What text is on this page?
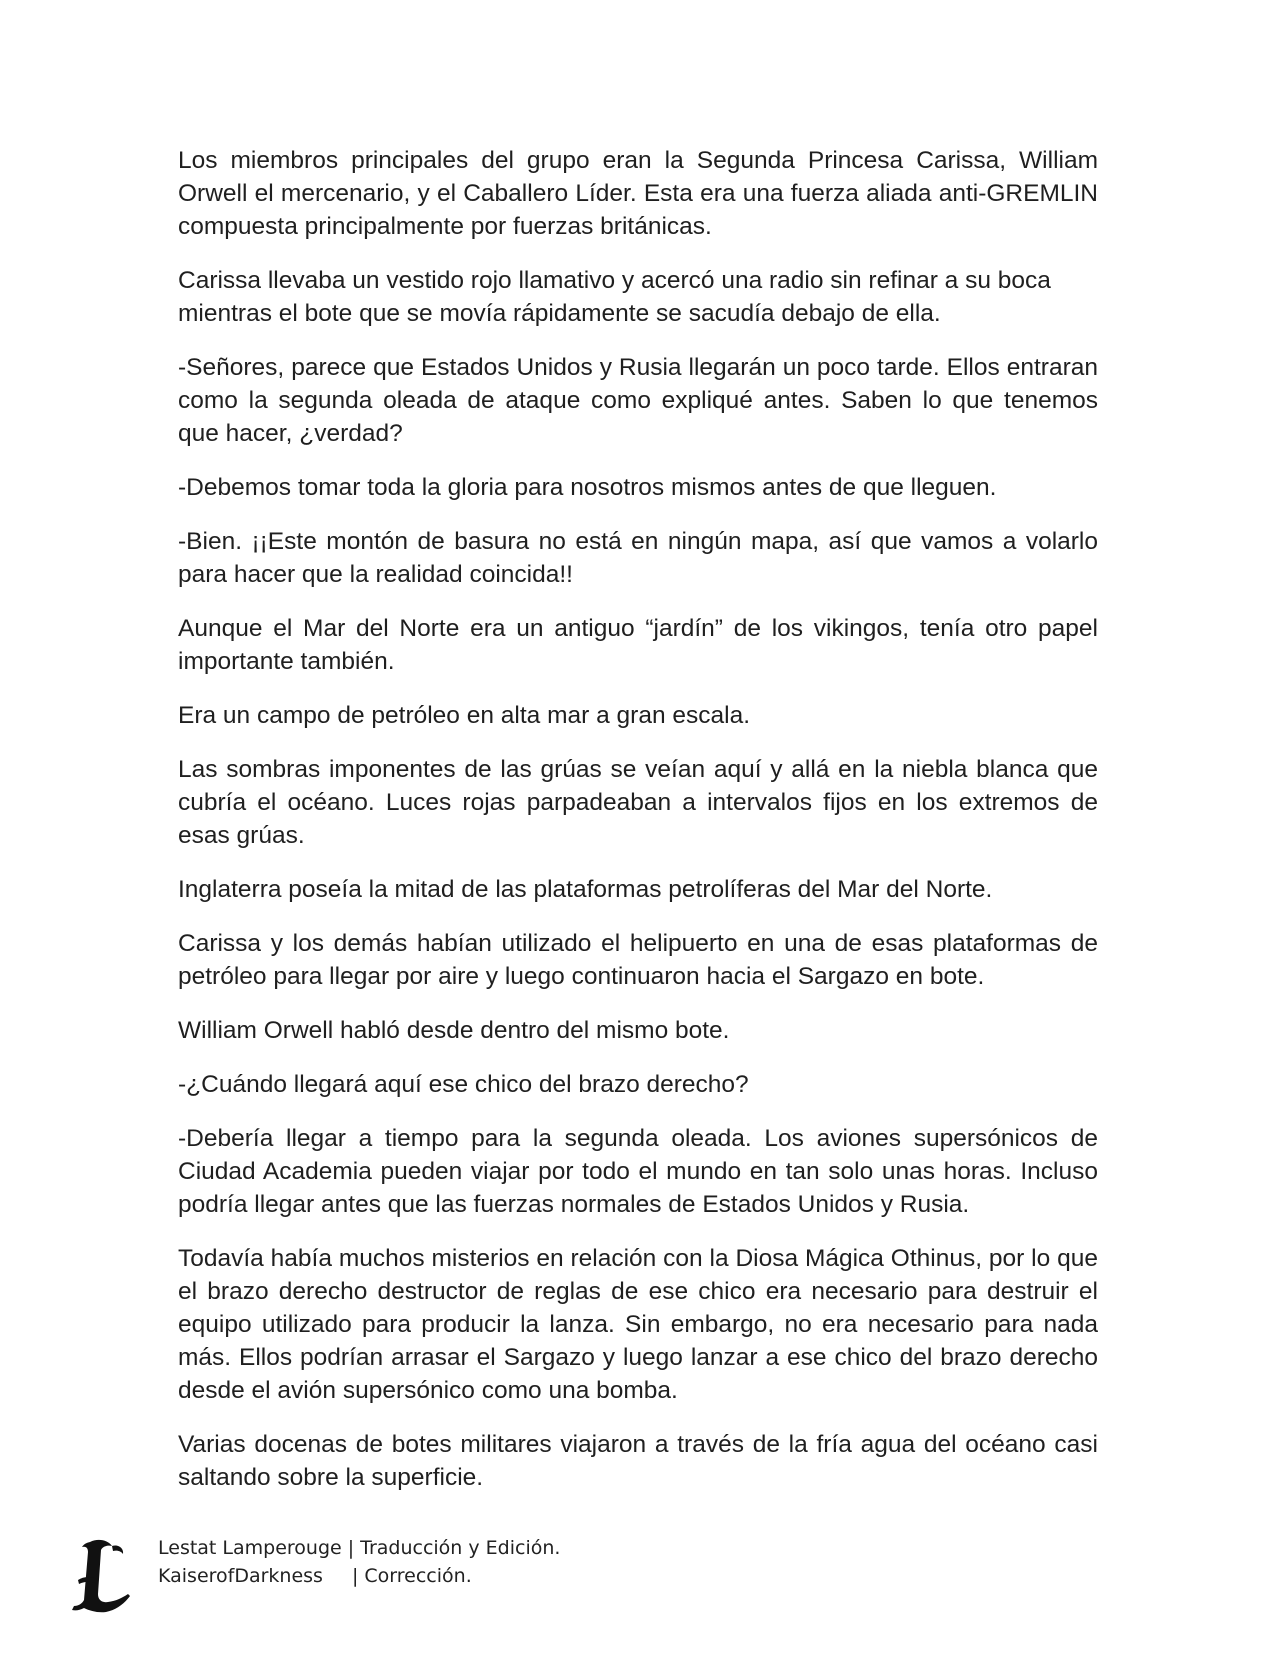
Los miembros principales del grupo eran la Segunda Princesa Carissa, William Orwell el mercenario, y el Caballero Líder. Esta era una fuerza aliada anti-GREMLIN compuesta principalmente por fuerzas británicas.

Carissa llevaba un vestido rojo llamativo y acercó una radio sin refinar a su boca mientras el bote que se movía rápidamente se sacudía debajo de ella.

-Señores, parece que Estados Unidos y Rusia llegarán un poco tarde. Ellos entraran como la segunda oleada de ataque como expliqué antes. Saben lo que tenemos que hacer, ¿verdad?

-Debemos tomar toda la gloria para nosotros mismos antes de que lleguen.

-Bien. ¡¡Este montón de basura no está en ningún mapa, así que vamos a volarlo para hacer que la realidad coincida!!

Aunque el Mar del Norte era un antiguo “jardín” de los vikingos, tenía otro papel importante también.

Era un campo de petróleo en alta mar a gran escala.

Las sombras imponentes de las grúas se veían aquí y allá en la niebla blanca que cubría el océano. Luces rojas parpadeaban a intervalos fijos en los extremos de esas grúas.

Inglaterra poseía la mitad de las plataformas petrolíferas del Mar del Norte.

Carissa y los demás habían utilizado el helipuerto en una de esas plataformas de petróleo para llegar por aire y luego continuaron hacia el Sargazo en bote.

William Orwell habló desde dentro del mismo bote.

-¿Cuándo llegará aquí ese chico del brazo derecho?

-Debería llegar a tiempo para la segunda oleada. Los aviones supersónicos de Ciudad Academia pueden viajar por todo el mundo en tan solo unas horas. Incluso podría llegar antes que las fuerzas normales de Estados Unidos y Rusia.

Todavía había muchos misterios en relación con la Diosa Mágica Othinus, por lo que el brazo derecho destructor de reglas de ese chico era necesario para destruir el equipo utilizado para producir la lanza. Sin embargo, no era necesario para nada más. Ellos podrían arrasar el Sargazo y luego lanzar a ese chico del brazo derecho desde el avión supersónico como una bomba.

Varias docenas de botes militares viajaron a través de la fría agua del océano casi saltando sobre la superficie.

Lestat Lamperouge | Traducción y Edición.
KaiserofDarkness	| Corrección.
